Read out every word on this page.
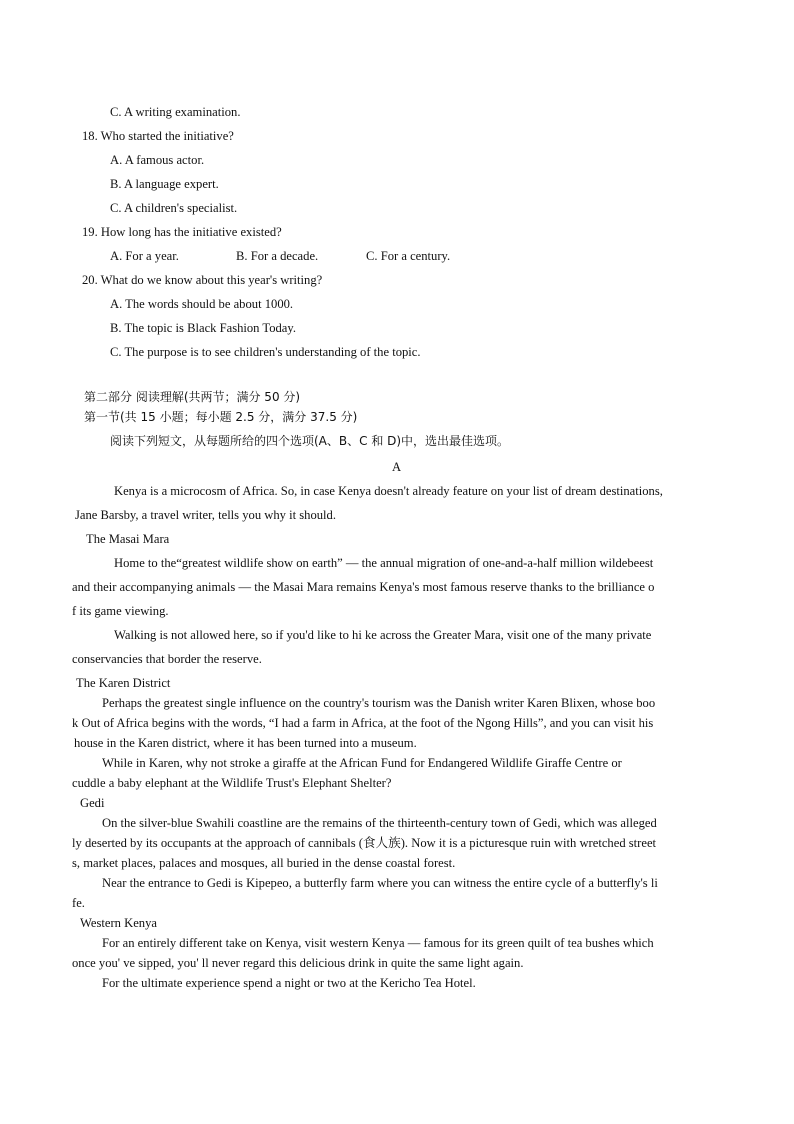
C. A writing examination.
18. Who started the initiative?
A. A famous actor.
B. A language expert.
C. A children's specialist.
19. How long has the initiative existed?
A. For a year.	B. For a decade.	C. For a century.
20. What do we know about this year's writing?
A. The words should be about 1000.
B. The topic is Black Fashion Today.
C. The purpose is to see children's understanding of the topic.
第二部分 阅读理解(共两节；满分 50 分)
第一节(共 15 小题；每小题 2.5 分，满分 37.5 分)
阅读下列短文，从每题所给的四个选项(A、B、C 和 D)中，选出最佳选项。
A
Kenya is a microcosm of Africa. So, in case Kenya doesn't already feature on your list of dream destinations,
Jane Barsby, a travel writer, tells you why it should.
The Masai Mara
Home to the“greatest wildlife show on earth” — the annual migration of one-and-a-half million wildebeest
and their accompanying animals — the Masai Mara remains Kenya's most famous reserve thanks to the brilliance o
f its game viewing.
Walking is not allowed here, so if you'd like to hi ke across the Greater Mara, visit one of the many private
conservancies that border the reserve.
The Karen District
Perhaps the greatest single influence on the country's tourism was the Danish writer Karen Blixen, whose boo
k Out of Africa begins with the words, “I had a farm in Africa, at the foot of the Ngong Hills”, and you can visit his
house in the Karen district, where it has been turned into a museum.
While in Karen, why not stroke a giraffe at the African Fund for Endangered Wildlife Giraffe Centre or
cuddle a baby elephant at the Wildlife Trust's Elephant Shelter?
Gedi
On the silver-blue Swahili coastline are the remains of the thirteenth-century town of Gedi, which was alleged
ly deserted by its occupants at the approach of cannibals (食人族). Now it is a picturesque ruin with wretched street
s, market places, palaces and mosques, all buried in the dense coastal forest.
Near the entrance to Gedi is Kipepeo, a butterfly farm where you can witness the entire cycle of a butterfly's li
fe.
Western Kenya
For an entirely different take on Kenya, visit western Kenya — famous for its green quilt of tea bushes which
once you' ve sipped, you' ll never regard this delicious drink in quite the same light again.
For the ultimate experience spend a night or two at the Kericho Tea Hotel.
